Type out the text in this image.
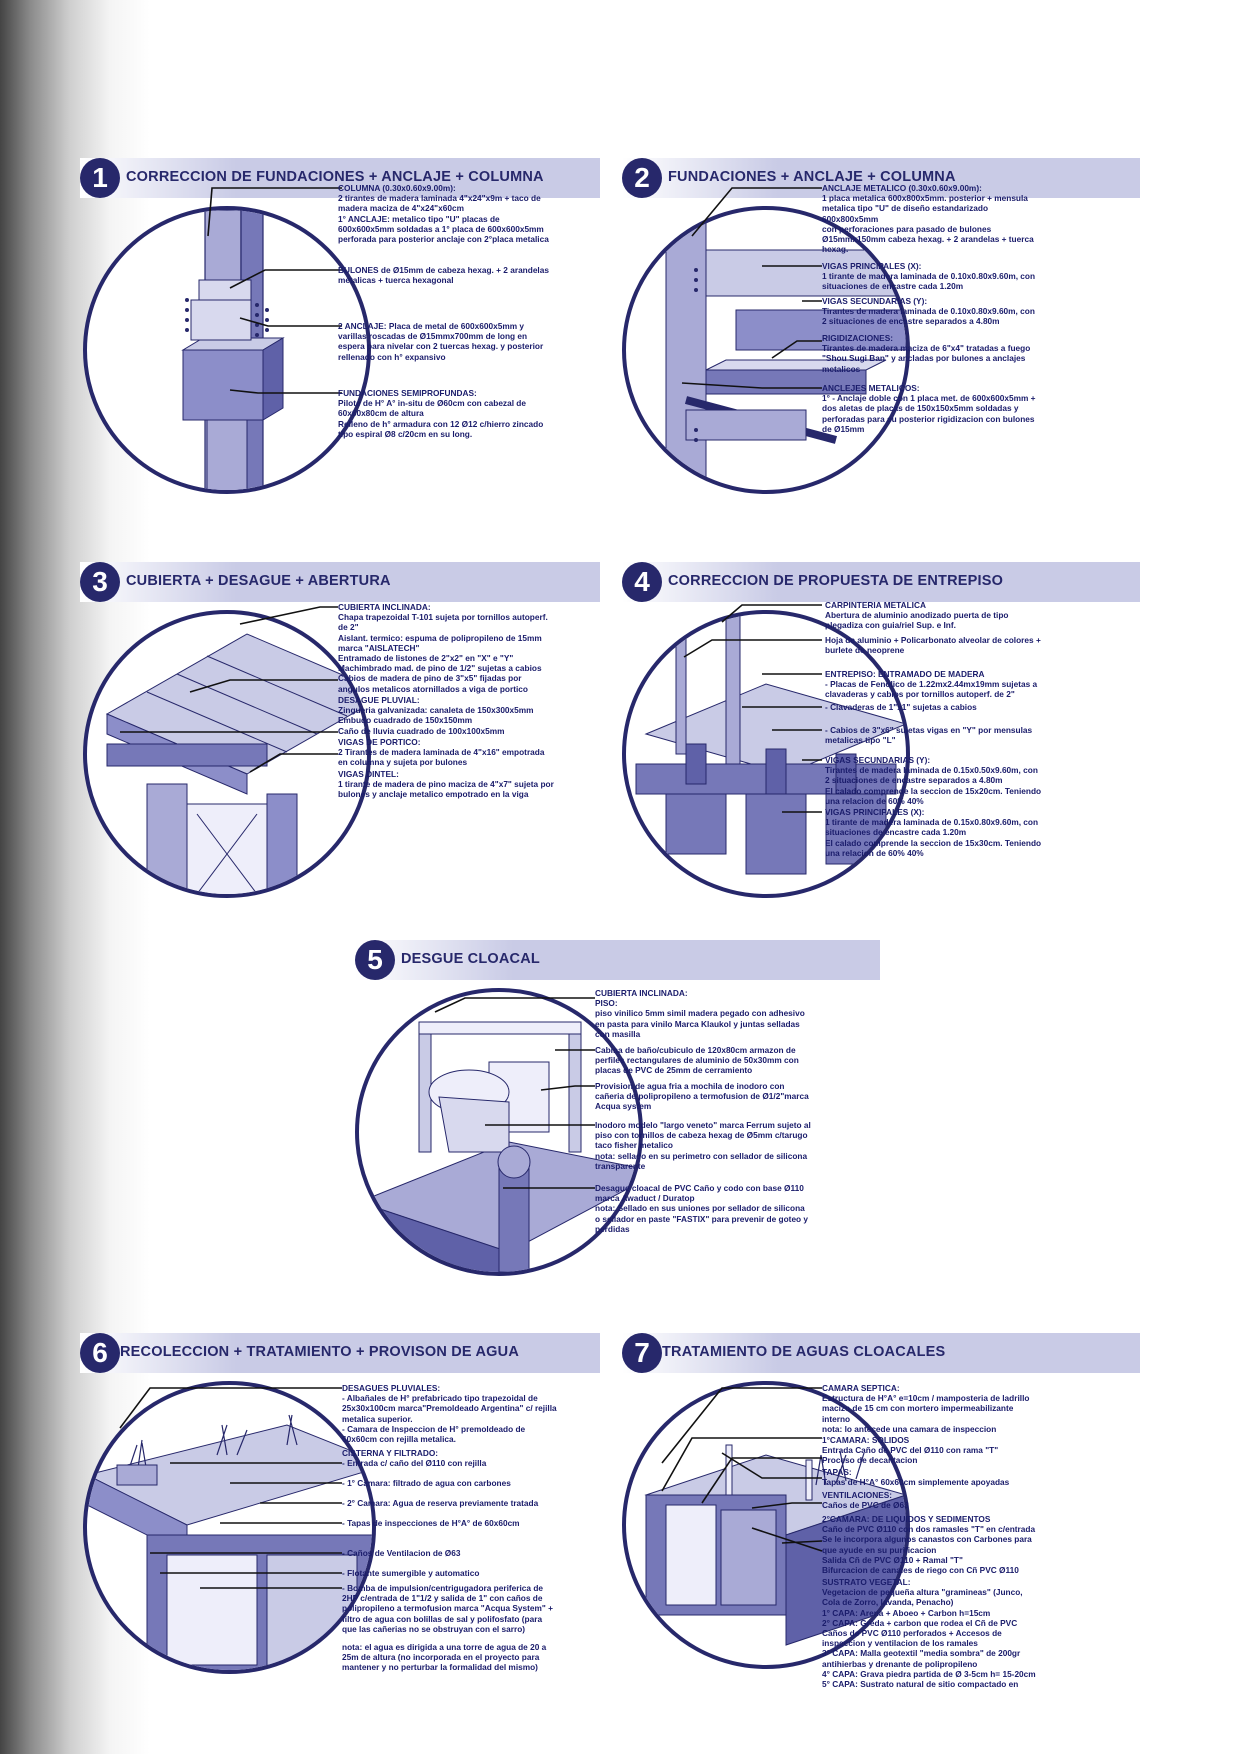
1	CORRECCION DE FUNDACIONES + ANCLAJE + COLUMNA

COLUMNA (0.30x0.60x9.00m):

2 tirantes de madera laminada 4"x24"x9m + taco de

madera maciza de 4"x24"x60cm

1° ANCLAJE: metalico tipo "U" placas de

600x600x5mm soldadas a 1° placa de 600x600x5mm

perforada para posterior anclaje con 2°placa metalica

BULONES de Ø15mm de cabeza hexag. + 2 arandelas

metalicas + tuerca hexagonal

2 ANCLAJE: Placa de metal de 600x600x5mm y

varillas roscadas de Ø15mmx700mm de long en

espera para nivelar con 2 tuercas hexag. y posterior

rellenado con h° expansivo

FUNDACIONES SEMIPROFUNDAS:

Pilote de H° A° in-situ de Ø60cm con cabezal de

60x60x80cm de altura

Relleno de h° armadura con 12 Ø12 c/hierro zincado

tipo espiral Ø8 c/20cm en su long.

2	FUNDACIONES + ANCLAJE + COLUMNA

ANCLAJE METALICO (0.30x0.60x9.00m):

1 placa metalica 600x800x5mm. posterior + mensula

metalica tipo "U" de diseño estandarizado

600x800x5mm

con perforaciones para pasado de bulones

Ø15mmx150mm cabeza hexag. + 2 arandelas + tuerca

hexag.

VIGAS PRINCIPALES (X):

1 tirante de madera laminada de 0.10x0.80x9.60m, con

situaciones de encastre cada 1.20m

VIGAS SECUNDARIAS (Y):

Tirantes de madera laminada de 0.10x0.80x9.60m, con

2 situaciones de encastre separados a 4.80m

RIGIDIZACIONES:

Tirantes de madera maciza de 6"x4" tratadas a fuego

"Shou Sugi Ban" y ancladas por bulones a anclajes

metalicos

ANCLEJES METALICOS:

1° - Anclaje doble con 1 placa met. de 600x600x5mm +

dos aletas de placas de 150x150x5mm soldadas y

perforadas para su posterior rigidizacion con bulones

de Ø15mm

3	CUBIERTA + DESAGUE + ABERTURA

CUBIERTA INCLINADA:

Chapa trapezoidal T-101 sujeta por tornillos autoperf.

de 2"

Aislant. termico: espuma de polipropileno de 15mm

marca "AISLATECH"

Entramado de listones de 2"x2" en "X" e "Y"

Machimbrado mad. de pino de 1/2" sujetas a cabios

Cabios de madera de pino de 3"x5" fijadas por

angulos metalicos atornillados a viga de portico

DESAGUE PLUVIAL:

Zingueria galvanizada: canaleta de 150x300x5mm

Embudo cuadrado de 150x150mm

Caño de lluvia cuadrado de 100x100x5mm

VIGAS DE PORTICO:

2 Tirantes de madera laminada de 4"x16" empotrada

en columna y sujeta por bulones

VIGAS DINTEL:

1 tirante de madera de pino maciza de 4"x7" sujeta por

bulones y anclaje metalico empotrado en la viga

4	CORRECCION DE PROPUESTA DE ENTREPISO

CARPINTERIA METALICA

Abertura de aluminio anodizado puerta de tipo

plegadiza con guia/riel Sup. e Inf.

Hoja de aluminio + Policarbonato alveolar de colores +

burlete de neoprene

ENTREPISO: ENTRAMADO DE MADERA

- Placas de Fenolico de 1.22mx2.44mx19mm sujetas a

clavaderas y cabios por tornillos autoperf. de 2"

- Clavaderas de 1"x1" sujetas a cabios

- Cabios de 3"x6" sujetas vigas en "Y" por mensulas

metalicas tipo "L"

VIGAS SECUNDARIAS (Y):

Tirantes de madera laminada de 0.15x0.50x9.60m, con

2 situaciones de encastre separados a 4.80m

El calado comprende la seccion de 15x20cm. Teniendo

una relacion de 60% 40%

VIGAS PRINCIPALES (X):

1 tirante de madera laminada de 0.15x0.80x9.60m, con

situaciones de encastre cada 1.20m

El calado comprende la seccion de 15x30cm. Teniendo

una relacion de 60% 40%

5	DESGUE CLOACAL

CUBIERTA INCLINADA:

PISO:

piso vinilico 5mm simil madera pegado con adhesivo

en pasta para vinilo Marca Klaukol y juntas selladas

con masilla

Cabina de baño/cubiculo de 120x80cm armazon de

perfiles rectangulares de aluminio de 50x30mm con

placas de PVC de 25mm de cerramiento

Provision de agua fria a mochila de inodoro con

cañeria de polipropileno a termofusion de Ø1/2"marca

Acqua system

Inodoro modelo "largo veneto" marca Ferrum sujeto al

piso con tornillos de cabeza hexag de Ø5mm c/tarugo

taco fisher metalico

nota: sellado en su perimetro con sellador de silicona

transparente

Desague cloacal de PVC Caño y codo con base Ø110

marca Awaduct / Duratop

nota: Sellado en sus uniones por sellador de silicona

o sellador en paste "FASTIX" para prevenir de goteo y

perdidas

6 RECOLECCION + TRATAMIENTO + PROVISON DE AGUA

DESAGUES PLUVIALES:

- Albañales de H° prefabricado tipo trapezoidal de

25x30x100cm marca"Premoldeado Argentina" c/ rejilla

metalica superior.

- Camara de Inspeccion de H° premoldeado de

60x60cm con rejilla metalica.

CISTERNA Y FILTRADO:

- Entrada c/ caño del Ø110 con rejilla

- 1° Camara: filtrado de agua con carbones

- 2° Camara: Agua de reserva previamente tratada

- Tapas de inspecciones de H°A° de 60x60cm

- Caños de Ventilacion de Ø63

- Flotante sumergible y automatico

- Bomba de impulsion/centrigugadora periferica de

2HP c/entrada de 1"1/2 y salida de 1" con caños de

polipropileno a termofusion marca "Acqua System" +

filtro de agua con bolillas de sal y polifosfato (para

que las cañerias no se obstruyan con el sarro)

nota: el agua es dirigida a una torre de agua de 20 a

25m de altura (no incorporada en el proyecto para

mantener y no perturbar la formalidad del mismo)

7 TRATAMIENTO DE AGUAS CLOACALES

CAMARA SEPTICA:

Estructura de H°A° e=10cm / mamposteria de ladrillo

macizo de 15 cm con mortero impermeabilizante

interno

nota: lo antecede una camara de inspeccion

1°CAMARA: SOLIDOS

Entrada Caño de PVC del Ø110 con rama "T"

Proceso de decantacion

TAPAS:

Tapas de H°A° 60x60cm simplemente apoyadas

VENTILACIONES:

Caños de PVC de Ø63

2°CAMARA: DE LIQUIDOS Y SEDIMENTOS

Caño de PVC Ø110 con dos ramasles "T" en c/entrada

Se le incorpora algunos canastos con Carbones para

que ayude en su purificacion

Salida Cñ de PVC Ø110 + Ramal "T"

Bifurcacion de canales de riego con Cñ PVC Ø110

SUSTRATO VEGETAL:

Vegetacion de pequeña altura "gramineas" (Junco,

Cola de Zorro, lavanda, Penacho)

1° CAPA: Arena + Aboeo + Carbon h=15cm

2° CAPA: Greda + carbon que rodea el Cñ de PVC

Caños de PVC Ø110 perforados + Accesos de

inspeccion y ventilacion de los ramales

3° CAPA: Malla geotextil "media sombra" de 200gr

antihierbas y drenante de polipropileno

4° CAPA: Grava piedra partida de Ø 3-5cm h= 15-20cm

5° CAPA: Sustrato natural de sitio compactado en
